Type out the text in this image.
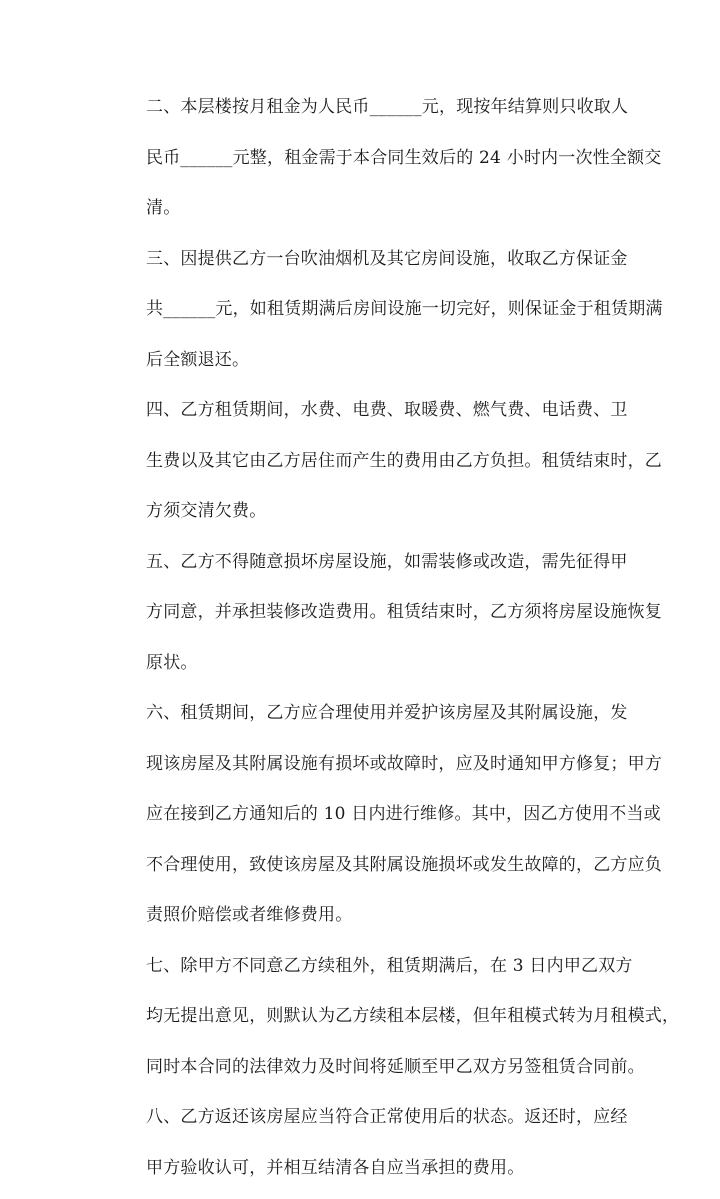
二、本层楼按月租金为人民币______元，现按年结算则只收取人
民币______元整，租金需于本合同生效后的 24 小时内一次性全额交
清。
三、因提供乙方一台吹油烟机及其它房间设施，收取乙方保证金
共______元，如租赁期满后房间设施一切完好，则保证金于租赁期满
后全额退还。
四、乙方租赁期间，水费、电费、取暖费、燃气费、电话费、卫
生费以及其它由乙方居住而产生的费用由乙方负担。租赁结束时，乙
方须交清欠费。
五、乙方不得随意损坏房屋设施，如需装修或改造，需先征得甲
方同意，并承担装修改造费用。租赁结束时，乙方须将房屋设施恢复
原状。
六、租赁期间，乙方应合理使用并爱护该房屋及其附属设施，发
现该房屋及其附属设施有损坏或故障时，应及时通知甲方修复；甲方
应在接到乙方通知后的 10 日内进行维修。其中，因乙方使用不当或
不合理使用，致使该房屋及其附属设施损坏或发生故障的，乙方应负
责照价赔偿或者维修费用。
七、除甲方不同意乙方续租外，租赁期满后，在 3 日内甲乙双方
均无提出意见，则默认为乙方续租本层楼，但年租模式转为月租模式，
同时本合同的法律效力及时间将延顺至甲乙双方另签租赁合同前。
八、乙方返还该房屋应当符合正常使用后的状态。返还时，应经
甲方验收认可，并相互结清各自应当承担的费用。
